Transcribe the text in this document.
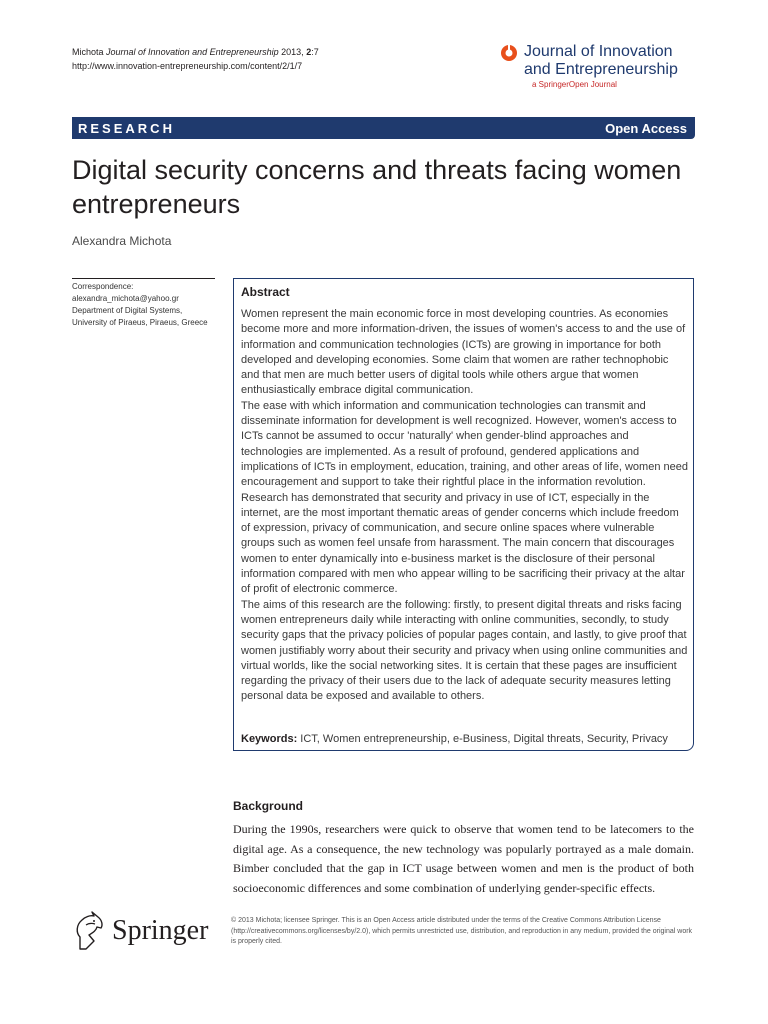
Michota Journal of Innovation and Entrepreneurship 2013, 2:7
http://www.innovation-entrepreneurship.com/content/2/1/7
Journal of Innovation
and Entrepreneurship
a SpringerOpen Journal
RESEARCH	Open Access
Digital security concerns and threats facing women entrepreneurs
Alexandra Michota
Correspondence:
alexandra_michota@yahoo.gr
Department of Digital Systems,
University of Piraeus, Piraeus, Greece
Abstract

Women represent the main economic force in most developing countries. As economies become more and more information-driven, the issues of women's access to and the use of information and communication technologies (ICTs) are growing in importance for both developed and developing economies. Some claim that women are rather technophobic and that men are much better users of digital tools while others argue that women enthusiastically embrace digital communication.

The ease with which information and communication technologies can transmit and disseminate information for development is well recognized. However, women's access to ICTs cannot be assumed to occur 'naturally' when gender-blind approaches and technologies are implemented. As a result of profound, gendered applications and implications of ICTs in employment, education, training, and other areas of life, women need encouragement and support to take their rightful place in the information revolution.

Research has demonstrated that security and privacy in use of ICT, especially in the internet, are the most important thematic areas of gender concerns which include freedom of expression, privacy of communication, and secure online spaces where vulnerable groups such as women feel unsafe from harassment. The main concern that discourages women to enter dynamically into e-business market is the disclosure of their personal information compared with men who appear willing to be sacrificing their privacy at the altar of profit of electronic commerce.

The aims of this research are the following: firstly, to present digital threats and risks facing women entrepreneurs daily while interacting with online communities, secondly, to study security gaps that the privacy policies of popular pages contain, and lastly, to give proof that women justifiably worry about their security and privacy when using online communities and virtual worlds, like the social networking sites. It is certain that these pages are insufficient regarding the privacy of their users due to the lack of adequate security measures letting personal data be exposed and available to others.

Keywords: ICT, Women entrepreneurship, e-Business, Digital threats, Security, Privacy
Background
During the 1990s, researchers were quick to observe that women tend to be latecomers to the digital age. As a consequence, the new technology was popularly portrayed as a male domain. Bimber concluded that the gap in ICT usage between women and men is the product of both socioeconomic differences and some combination of underlying gender-specific effects.
Springer	© 2013 Michota; licensee Springer. This is an Open Access article distributed under the terms of the Creative Commons Attribution License (http://creativecommons.org/licenses/by/2.0), which permits unrestricted use, distribution, and reproduction in any medium, provided the original work is properly cited.
